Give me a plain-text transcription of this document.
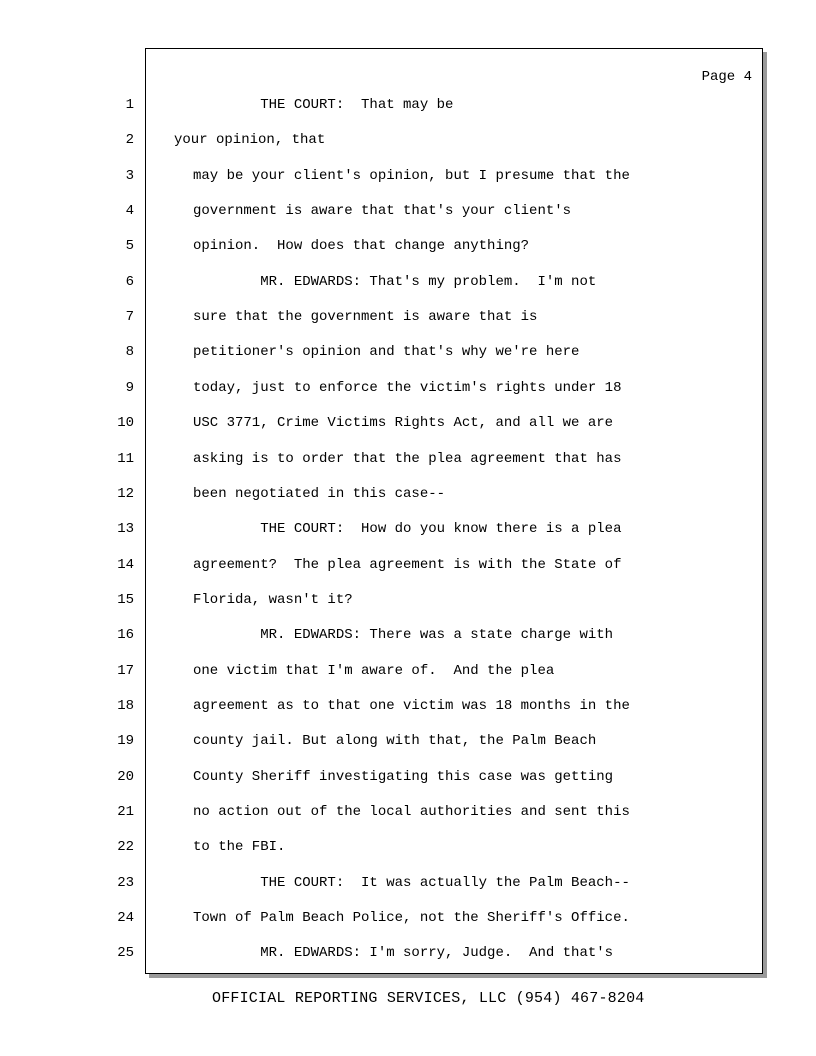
Page 4
1	THE COURT:  That may be
2	your opinion, that
3	may be your client's opinion, but I presume that the
4	government is aware that that's your client's
5	opinion.  How does that change anything?
6	MR. EDWARDS: That's my problem.  I'm not
7	sure that the government is aware that is
8	petitioner's opinion and that's why we're here
9	today, just to enforce the victim's rights under 18
10	USC 3771, Crime Victims Rights Act, and all we are
11	asking is to order that the plea agreement that has
12	been negotiated in this case--
13	THE COURT:  How do you know there is a plea
14	agreement?  The plea agreement is with the State of
15	Florida, wasn't it?
16	MR. EDWARDS: There was a state charge with
17	one victim that I'm aware of.  And the plea
18	agreement as to that one victim was 18 months in the
19	county jail. But along with that, the Palm Beach
20	County Sheriff investigating this case was getting
21	no action out of the local authorities and sent this
22	to the FBI.
23	THE COURT:  It was actually the Palm Beach--
24	Town of Palm Beach Police, not the Sheriff's Office.
25	MR. EDWARDS: I'm sorry, Judge.  And that's
OFFICIAL REPORTING SERVICES, LLC (954) 467-8204
